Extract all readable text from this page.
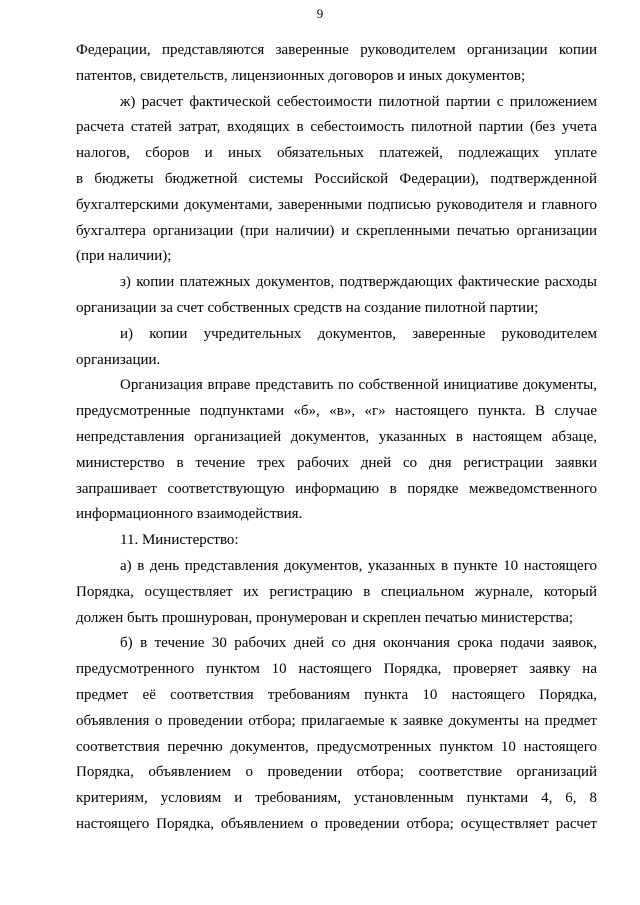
9
Федерации, представляются заверенные руководителем организации копии
патентов, свидетельств, лицензионных договоров и иных документов;
ж) расчет фактической себестоимости пилотной партии с приложением
расчета статей затрат, входящих в себестоимость пилотной партии (без учета
налогов, сборов и иных обязательных платежей, подлежащих уплате
в бюджеты бюджетной системы Российской Федерации), подтвержденной
бухгалтерскими документами, заверенными подписью руководителя и главного
бухгалтера организации (при наличии) и скрепленными печатью организации
(при наличии);
з) копии платежных документов, подтверждающих фактические расходы
организации за счет собственных средств на создание пилотной партии;
и) копии учредительных документов, заверенные руководителем
организации.
Организация вправе представить по собственной инициативе документы,
предусмотренные подпунктами «б», «в», «г» настоящего пункта. В случае
непредставления организацией документов, указанных в настоящем абзаце,
министерство в течение трех рабочих дней со дня регистрации заявки
запрашивает соответствующую информацию в порядке межведомственного
информационного взаимодействия.
11. Министерство:
а) в день представления документов, указанных в пункте 10 настоящего
Порядка, осуществляет их регистрацию в специальном журнале, который
должен быть прошнурован, пронумерован и скреплен печатью министерства;
б) в течение 30 рабочих дней со дня окончания срока подачи заявок,
предусмотренного пунктом 10 настоящего Порядка, проверяет заявку на
предмет её соответствия требованиям пункта 10 настоящего Порядка,
объявления о проведении отбора; прилагаемые к заявке документы на предмет
соответствия перечню документов, предусмотренных пунктом 10 настоящего
Порядка, объявлением о проведении отбора; соответствие организаций
критериям, условиям и требованиям, установленным пунктами 4, 6, 8
настоящего Порядка, объявлением о проведении отбора; осуществляет расчет
